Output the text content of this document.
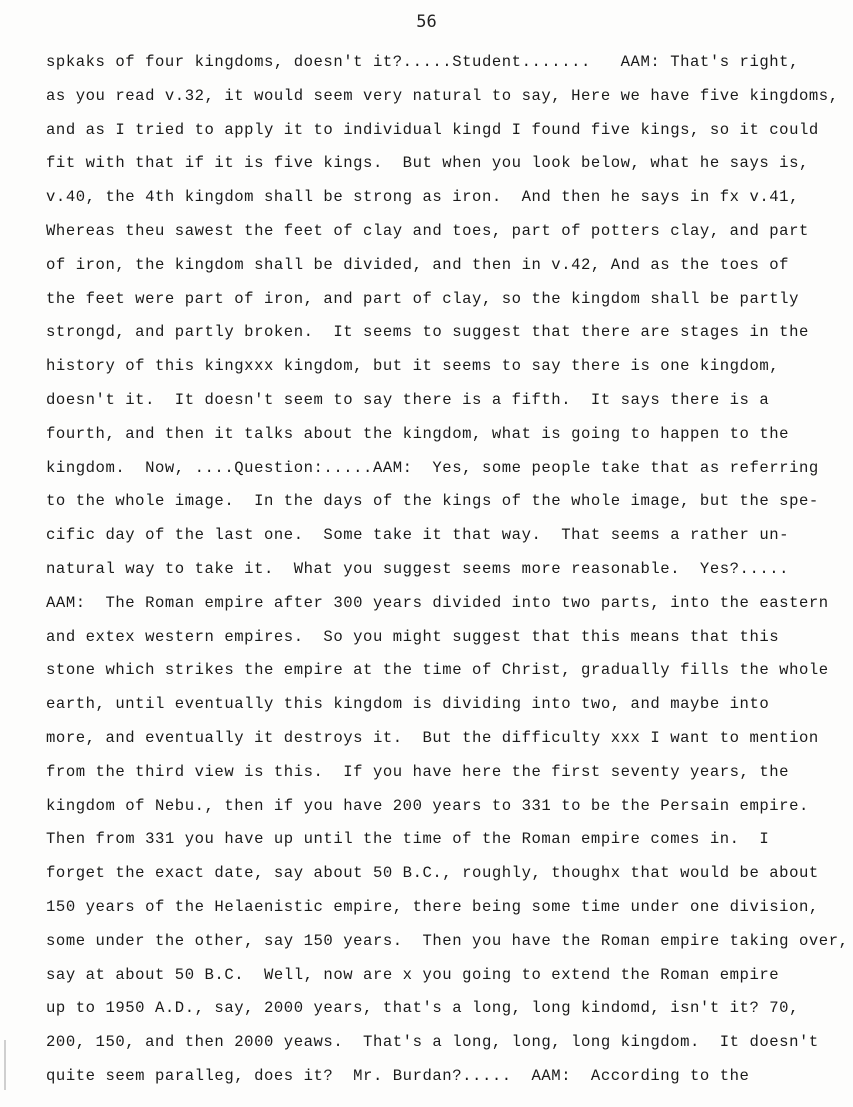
56
spkaks of four kingdoms, doesn't it?.....Student.......   AAM: That's right,
as you read v.32, it would seem very natural to say, Here we have five kingdoms,
and as I tried to apply it to individual kingd I found five kings, so it could
fit with that if it is five kings.  But when you look below, what he says is,
v.40, the 4th kingdom shall be strong as iron.  And then he says in fx v.41,
Whereas theu sawest the feet of clay and toes, part of potters clay, and part
of iron, the kingdom shall be divided, and then in v.42, And as the toes of
the feet were part of iron, and part of clay, so the kingdom shall be partly
strongd, and partly broken.  It seems to suggest that there are stages in the
history of this kingxxx kingdom, but it seems to say there is one kingdom,
doesn't it.  It doesn't seem to say there is a fifth.  It says there is a
fourth, and then it talks about the kingdom, what is going to happen to the
kingdom.  Now, ....Question:.....AAM:  Yes, some people take that as referring
to the whole image.  In the days of the kings of the whole image, but the spe-
cific day of the last one.  Some take it that way.  That seems a rather un-
natural way to take it.  What you suggest seems more reasonable.  Yes?.....
AAM:  The Roman empire after 300 years divided into two parts, into the eastern
and extex western empires.  So you might suggest that this means that this
stone which strikes the empire at the time of Christ, gradually fills the whole
earth, until eventually this kingdom is dividing into two, and maybe into
more, and eventually it destroys it.  But the difficulty xxx I want to mention
from the third view is this.  If you have here the first seventy years, the
kingdom of Nebu., then if you have 200 years to 331 to be the Persain empire.
Then from 331 you have up until the time of the Roman empire comes in.  I
forget the exact date, say about 50 B.C., roughly, thoughx that would be about
150 years of the Helaenistic empire, there being some time under one division,
some under the other, say 150 years.  Then you have the Roman empire taking over,
say at about 50 B.C.  Well, now are x you going to extend the Roman empire
up to 1950 A.D., say, 2000 years, that's a long, long kindomd, isn't it? 70,
200, 150, and then 2000 yeaws.  That's a long, long, long kingdom.  It doesn't
quite seem paralleg, does it?  Mr. Burdan?.....  AAM:  According to the
